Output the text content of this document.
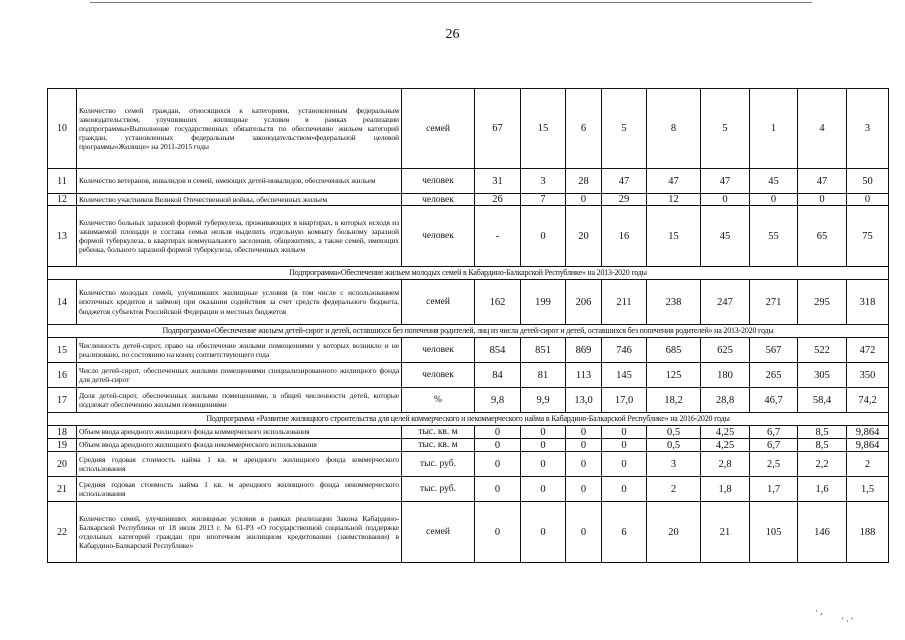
26
10	Количество семей граждан, относящихся к категориям, установленным федеральным законодательством, улучшивших жилищные условия в рамках реализации подпрограммы«Выполнение государственных обязательств по обеспечению жильем категорий граждан, установленных федеральным законодательством»федеральной целевой программы«Жилище» на 2011-2015 годы	семей	67	15	6	5	8	5	1	4	3
11	Количество ветеранов, инвалидов и семей, имеющих детей-инвалидов, обеспеченных жильем	человек	31	3	28	47	47	47	45	47	50
12	Количество участников Великой Отечественной войны, обеспеченных жильем	человек	26	7	0	29	12	0	0	0	0
13	Количество больных заразной формой туберкулеза, проживающих в квартирах, в которых исходя из занимаемой площади и состава семьи нельзя выделить отдельную комнату больному заразной формой туберкулеза, в квартирах коммунального заселения, общежитиях, а также семей, имеющих ребенка, больного заразной формой туберкулеза, обеспеченных жильем	человек	-	0	20	16	15	45	55	65	75
Подпрограмма«Обеспечение жильем молодых семей в Кабардино-Балкарской Республике» на 2013-2020 годы											
14	Количество молодых семей, улучшивших жилищные условия (в том числе с использованием ипотечных кредитов и займов) при оказании содействия за счет средств федерального бюджета, бюджетов субъектов Российской Федерации и местных бюджетов	семей	162	199	206	211	238	247	271	295	318
Подпрограмма«Обеспечение жильем детей-сирот и детей, оставшихся без попечения родителей, лиц из числа детей-сирот и детей, оставшихся без попечения родителей» на 2013-2020 годы											
15	Численность детей-сирот, право на обеспечение жилыми помещениями у которых возникло и не реализовано, по состоянию на конец соответствующего года	человек	854	851	869	746	685	625	567	522	472
16	Число детей-сирот, обеспеченных жилыми помещениями специализированного жилищного фонда для детей-сирот	человек	84	81	113	145	125	180	265	305	350
17	Доля детей-сирот, обеспеченных жилыми помещениями, в общей численности детей, которые подлежат обеспечению жилыми помещениями	%	9,8	9,9	13,0	17,0	18,2	28,8	46,7	58,4	74,2
Подпрограмма «Развитие жилищного строительства для целей коммерческого и некоммерческого найма в Кабардино-Балкарской Республике» на 2016-2020 годы											
18	Объем ввода арендного жилищного фонда коммерческого использования	тыс. кв. м	0	0	0	0	0,5	4,25	6,7	8,5	9,864
19	Объем ввода арендного жилищного фонда некоммерческого использования	тыс. кв. м	0	0	0	0	0,5	4,25	6,7	8,5	9,864
20	Средняя годовая стоимость найма 1 кв. м арендного жилищного фонда коммерческого использования	тыс. руб.	0	0	0	0	3	2,8	2,5	2,2	2
21	Средняя годовая стоимость найма 1 кв. м арендного жилищного фонда некоммерческого использования	тыс. руб.	0	0	0	0	2	1,8	1,7	1,6	1,5
22	Количество семей, улучшивших жилищные условия в рамках реализации Закона Кабардино-Балкарской Республики от 18 июля 2013 г. № 61-РЗ «О государственной социальной поддержке отдельных категорий граждан при ипотечном жилищном кредитовании (заимствовании) в Кабардино-Балкарской Республике»	семей	0	0	0	6	20	21	105	146	188
· ,
' · '
